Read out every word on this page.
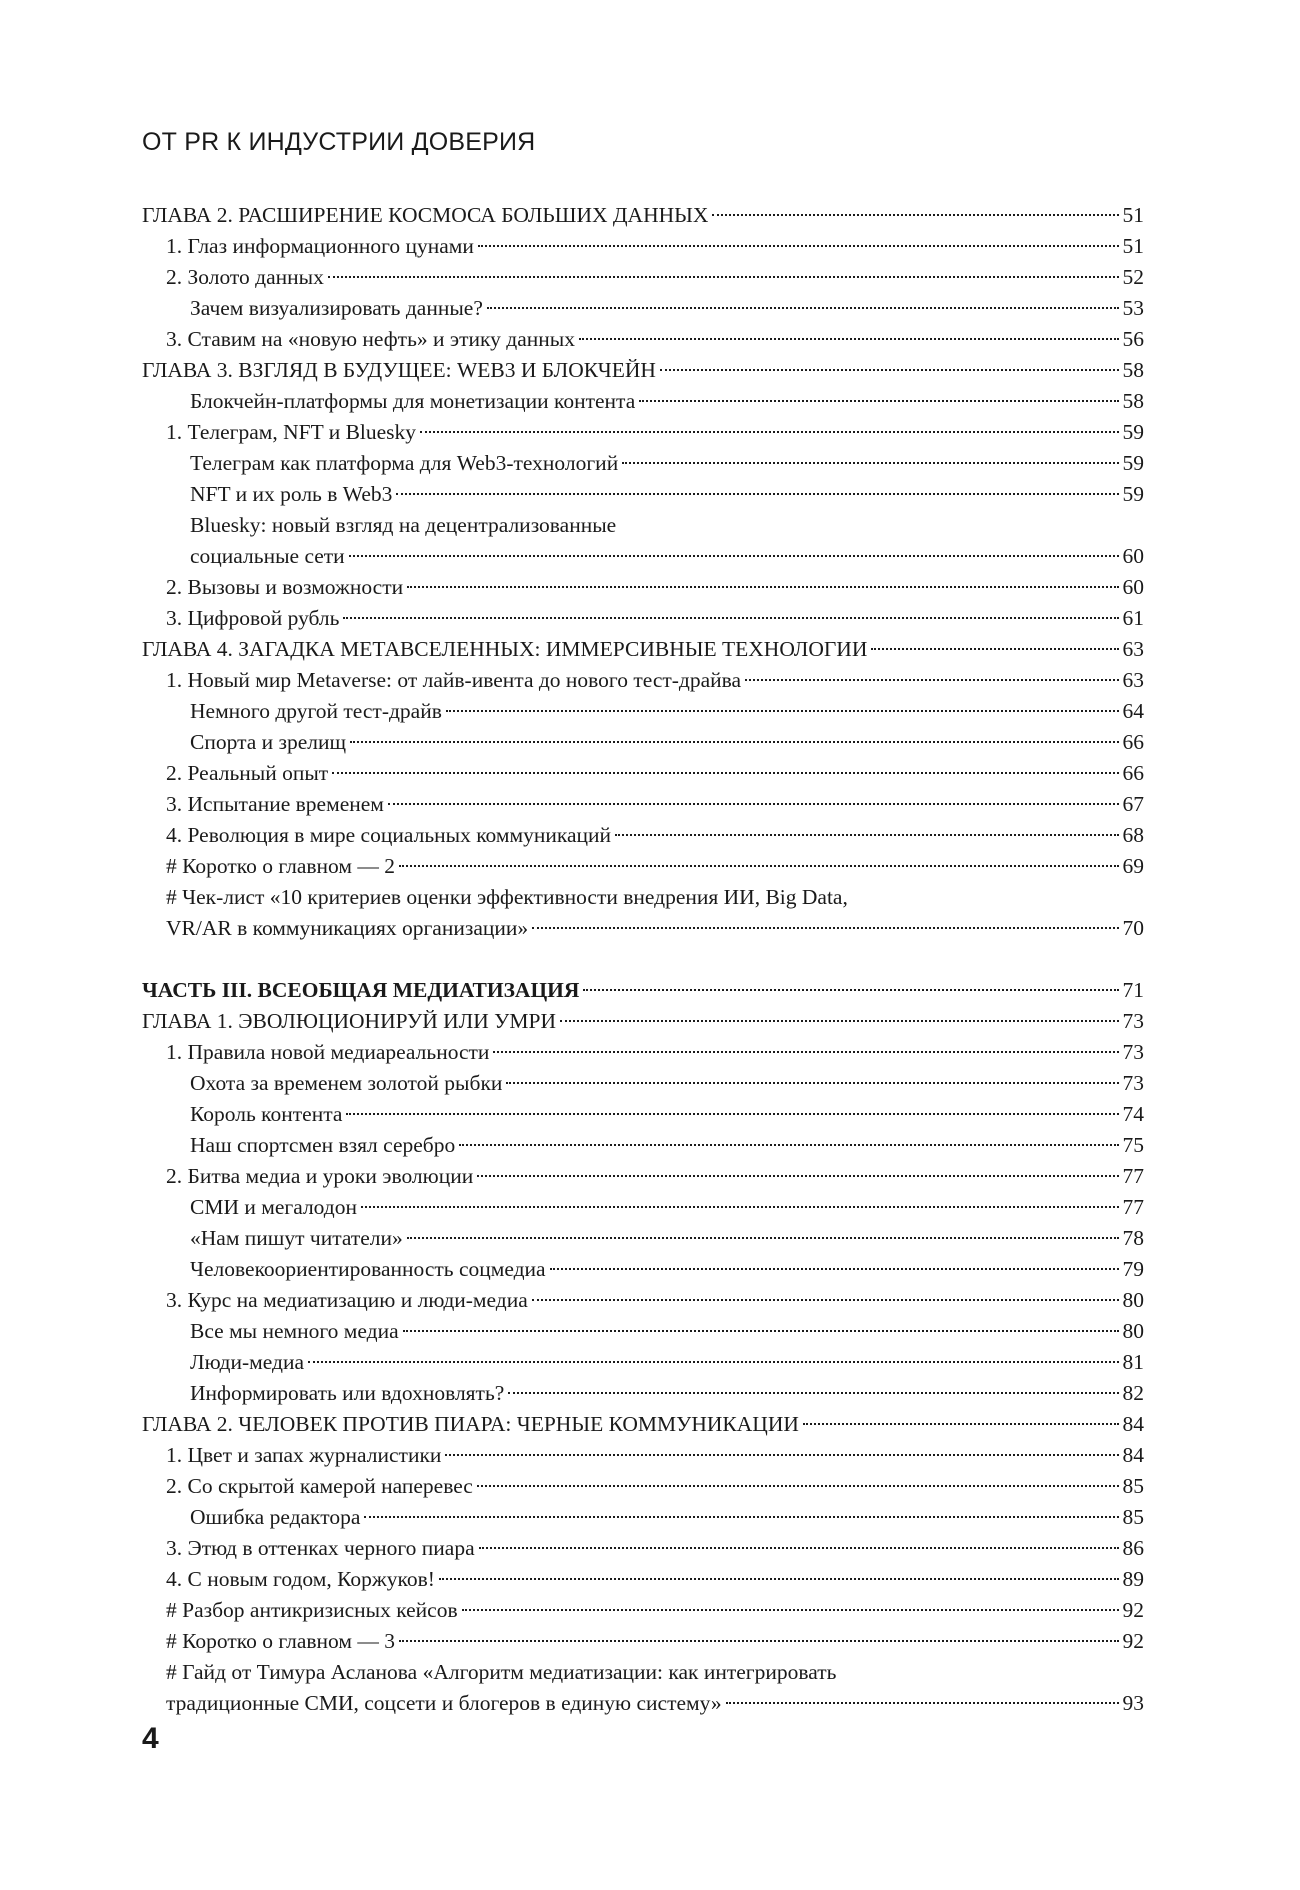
ОТ PR К ИНДУСТРИИ ДОВЕРИЯ
ГЛАВА 2. РАСШИРЕНИЕ КОСМОСА БОЛЬШИХ ДАННЫХ	51
1. Глаз информационного цунами	51
2. Золото данных	52
Зачем визуализировать данные?	53
3. Ставим на «новую нефть» и этику данных	56
ГЛАВА 3. ВЗГЛЯД В БУДУЩЕЕ: WEB3 И БЛОКЧЕЙН	58
Блокчейн-платформы для монетизации контента	58
1. Телеграм, NFT и Bluesky	59
Телеграм как платформа для Web3-технологий	59
NFT и их роль в Web3	59
Bluesky: новый взгляд на децентрализованные
социальные сети	60
2. Вызовы и возможности	60
3. Цифровой рубль	61
ГЛАВА 4. ЗАГАДКА МЕТАВСЕЛЕННЫХ: ИММЕРСИВНЫЕ ТЕХНОЛОГИИ	63
1. Новый мир Metaverse: от лайв-ивента до нового тест-драйва	63
Немного другой тест-драйв	64
Спорта и зрелищ	66
2. Реальный опыт	66
3. Испытание временем	67
4. Революция в мире социальных коммуникаций	68
# Коротко о главном — 2	69
# Чек-лист «10 критериев оценки эффективности внедрения ИИ, Big Data,
VR/AR в коммуникациях организации»	70
ЧАСТЬ III. ВСЕОБЩАЯ МЕДИАТИЗАЦИЯ	71
ГЛАВА 1. ЭВОЛЮЦИОНИРУЙ ИЛИ УМРИ	73
1. Правила новой медиареальности	73
Охота за временем золотой рыбки	73
Король контента	74
Наш спортсмен взял серебро	75
2. Битва медиа и уроки эволюции	77
СМИ и мегалодон	77
«Нам пишут читатели»	78
Человекоориентированность соцмедиа	79
3. Курс на медиатизацию и люди-медиа	80
Все мы немного медиа	80
Люди-медиа	81
Информировать или вдохновлять?	82
ГЛАВА 2. ЧЕЛОВЕК ПРОТИВ ПИАРА: ЧЕРНЫЕ КОММУНИКАЦИИ	84
1. Цвет и запах журналистики	84
2. Со скрытой камерой наперевес	85
Ошибка редактора	85
3. Этюд в оттенках черного пиара	86
4. С новым годом, Коржуков!	89
# Разбор антикризисных кейсов	92
# Коротко о главном — 3	92
# Гайд от Тимура Асланова «Алгоритм медиатизации: как интегрировать
традиционные СМИ, соцсети и блогеров в единую систему»	93
4
